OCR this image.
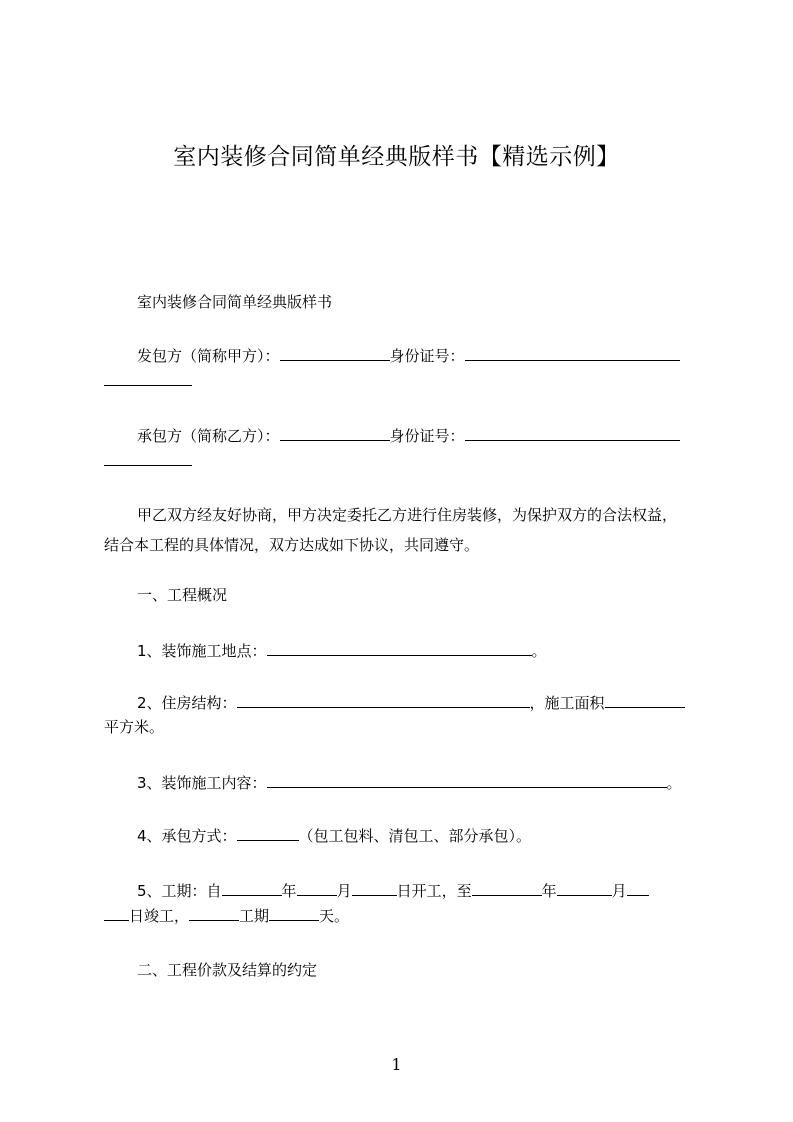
室内装修合同简单经典版样书【精选示例】
室内装修合同简单经典版样书
发包方（简称甲方）：	身份证号：
承包方（简称乙方）：	身份证号：
甲乙双方经友好协商，甲方决定委托乙方进行住房装修，为保护双方的合法权益，
结合本工程的具体情况，双方达成如下协议，共同遵守。
一、工程概况
1、装饰施工地点：	。
2、住房结构：	，施工面积
平方米。
3、装饰施工内容：	。
4、承包方式：	（包工包料、清包工、部分承包）。
5、工期：自	年	月	日开工，至	年	月
日竣工，	工期	天。
二、工程价款及结算的约定
1
